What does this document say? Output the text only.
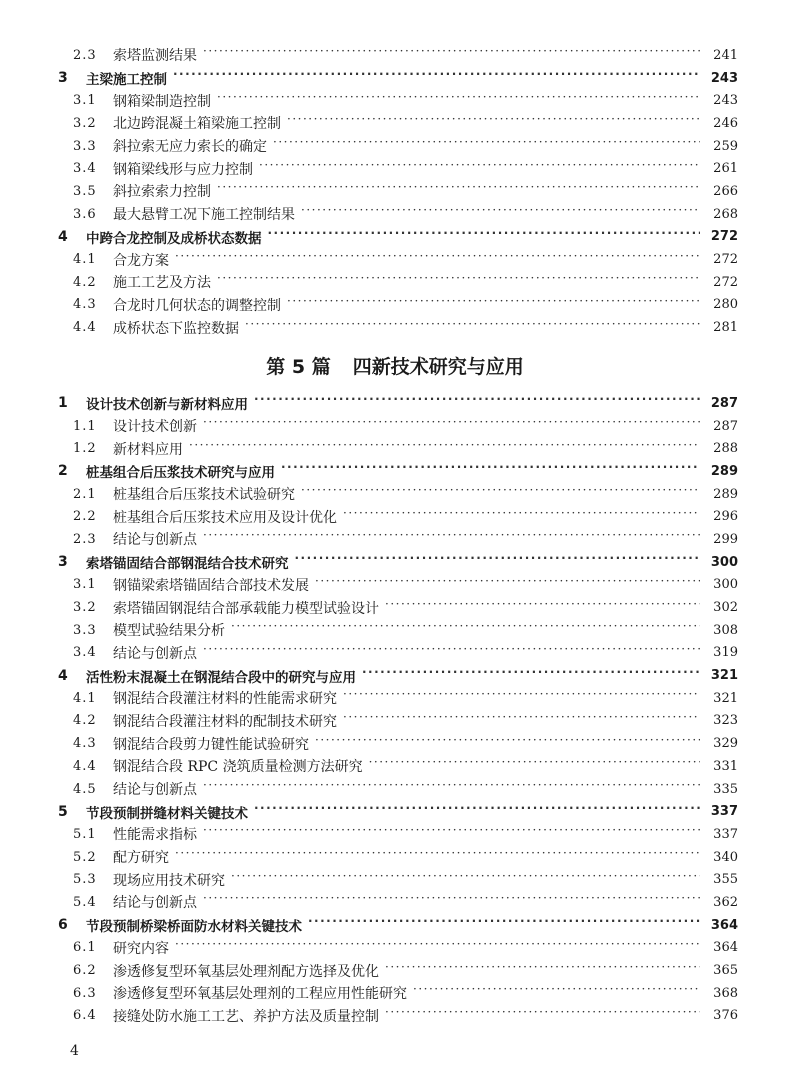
2.3	索塔监测结果 ·····	241
3	主梁施工控制 ·····	243
3.1	钢箱梁制造控制 ·····	243
3.2	北边跨混凝土箱梁施工控制 ·····	246
3.3	斜拉索无应力索长的确定 ·····	259
3.4	钢箱梁线形与应力控制 ·····	261
3.5	斜拉索索力控制 ·····	266
3.6	最大悬臂工况下施工控制结果 ·····	268
4	中跨合龙控制及成桥状态数据 ·····	272
4.1	合龙方案 ·····	272
4.2	施工工艺及方法 ·····	272
4.3	合龙时几何状态的调整控制 ·····	280
4.4	成桥状态下监控数据 ·····	281
第 5 篇 四新技术研究与应用
1	设计技术创新与新材料应用 ·····	287
1.1	设计技术创新 ·····	287
1.2	新材料应用 ·····	288
2	桩基组合后压浆技术研究与应用 ·····	289
2.1	桩基组合后压浆技术试验研究 ·····	289
2.2	桩基组合后压浆技术应用及设计优化 ·····	296
2.3	结论与创新点 ·····	299
3	索塔锚固结合部钢混结合技术研究 ·····	300
3.1	钢锚梁索塔锚固结合部技术发展 ·····	300
3.2	索塔锚固钢混结合部承载能力模型试验设计 ·····	302
3.3	模型试验结果分析 ·····	308
3.4	结论与创新点 ·····	319
4	活性粉末混凝土在钢混结合段中的研究与应用 ·····	321
4.1	钢混结合段灌注材料的性能需求研究 ·····	321
4.2	钢混结合段灌注材料的配制技术研究 ·····	323
4.3	钢混结合段剪力键性能试验研究 ·····	329
4.4	钢混结合段 RPC 浇筑质量检测方法研究 ·····	331
4.5	结论与创新点 ·····	335
5	节段预制拼缝材料关键技术 ·····	337
5.1	性能需求指标 ·····	337
5.2	配方研究 ·····	340
5.3	现场应用技术研究 ·····	355
5.4	结论与创新点 ·····	362
6	节段预制桥梁桥面防水材料关键技术 ·····	364
6.1	研究内容 ·····	364
6.2	渗透修复型环氧基层处理剂配方选择及优化 ·····	365
6.3	渗透修复型环氧基层处理剂的工程应用性能研究 ·····	368
6.4	接缝处防水施工工艺、养护方法及质量控制 ·····	376
4
